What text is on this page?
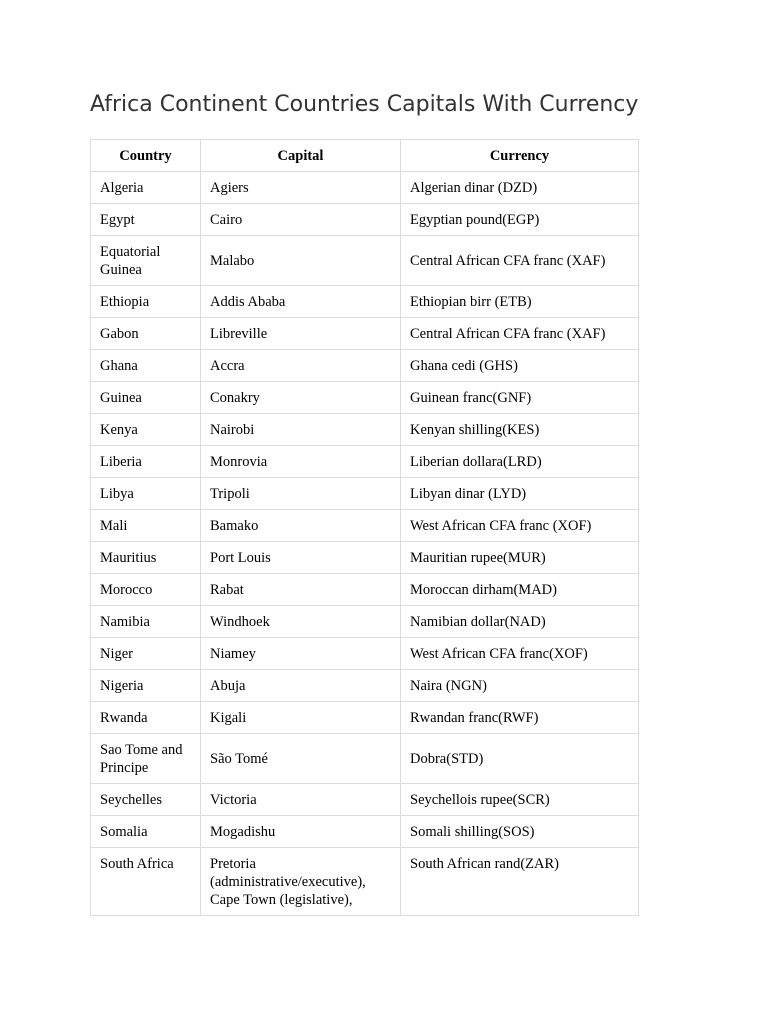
Africa Continent Countries Capitals With Currency
Country	Capital	Currency
Algeria	Agiers	Algerian dinar (DZD)
Egypt	Cairo	Egyptian pound(EGP)
Equatorial Guinea	Malabo	Central African CFA franc (XAF)
Ethiopia	Addis Ababa	Ethiopian birr (ETB)
Gabon	Libreville	Central African CFA franc (XAF)
Ghana	Accra	Ghana cedi (GHS)
Guinea	Conakry	Guinean franc(GNF)
Kenya	Nairobi	Kenyan shilling(KES)
Liberia	Monrovia	Liberian dollara(LRD)
Libya	Tripoli	Libyan dinar (LYD)
Mali	Bamako	West African CFA franc (XOF)
Mauritius	Port Louis	Mauritian rupee(MUR)
Morocco	Rabat	Moroccan dirham(MAD)
Namibia	Windhoek	Namibian dollar(NAD)
Niger	Niamey	West African CFA franc(XOF)
Nigeria	Abuja	Naira (NGN)
Rwanda	Kigali	Rwandan franc(RWF)
Sao Tome and Principe	São Tomé	Dobra(STD)
Seychelles	Victoria	Seychellois rupee(SCR)
Somalia	Mogadishu	Somali shilling(SOS)
South Africa	Pretoria (administrative/executive), Cape Town (legislative),	South African rand(ZAR)
